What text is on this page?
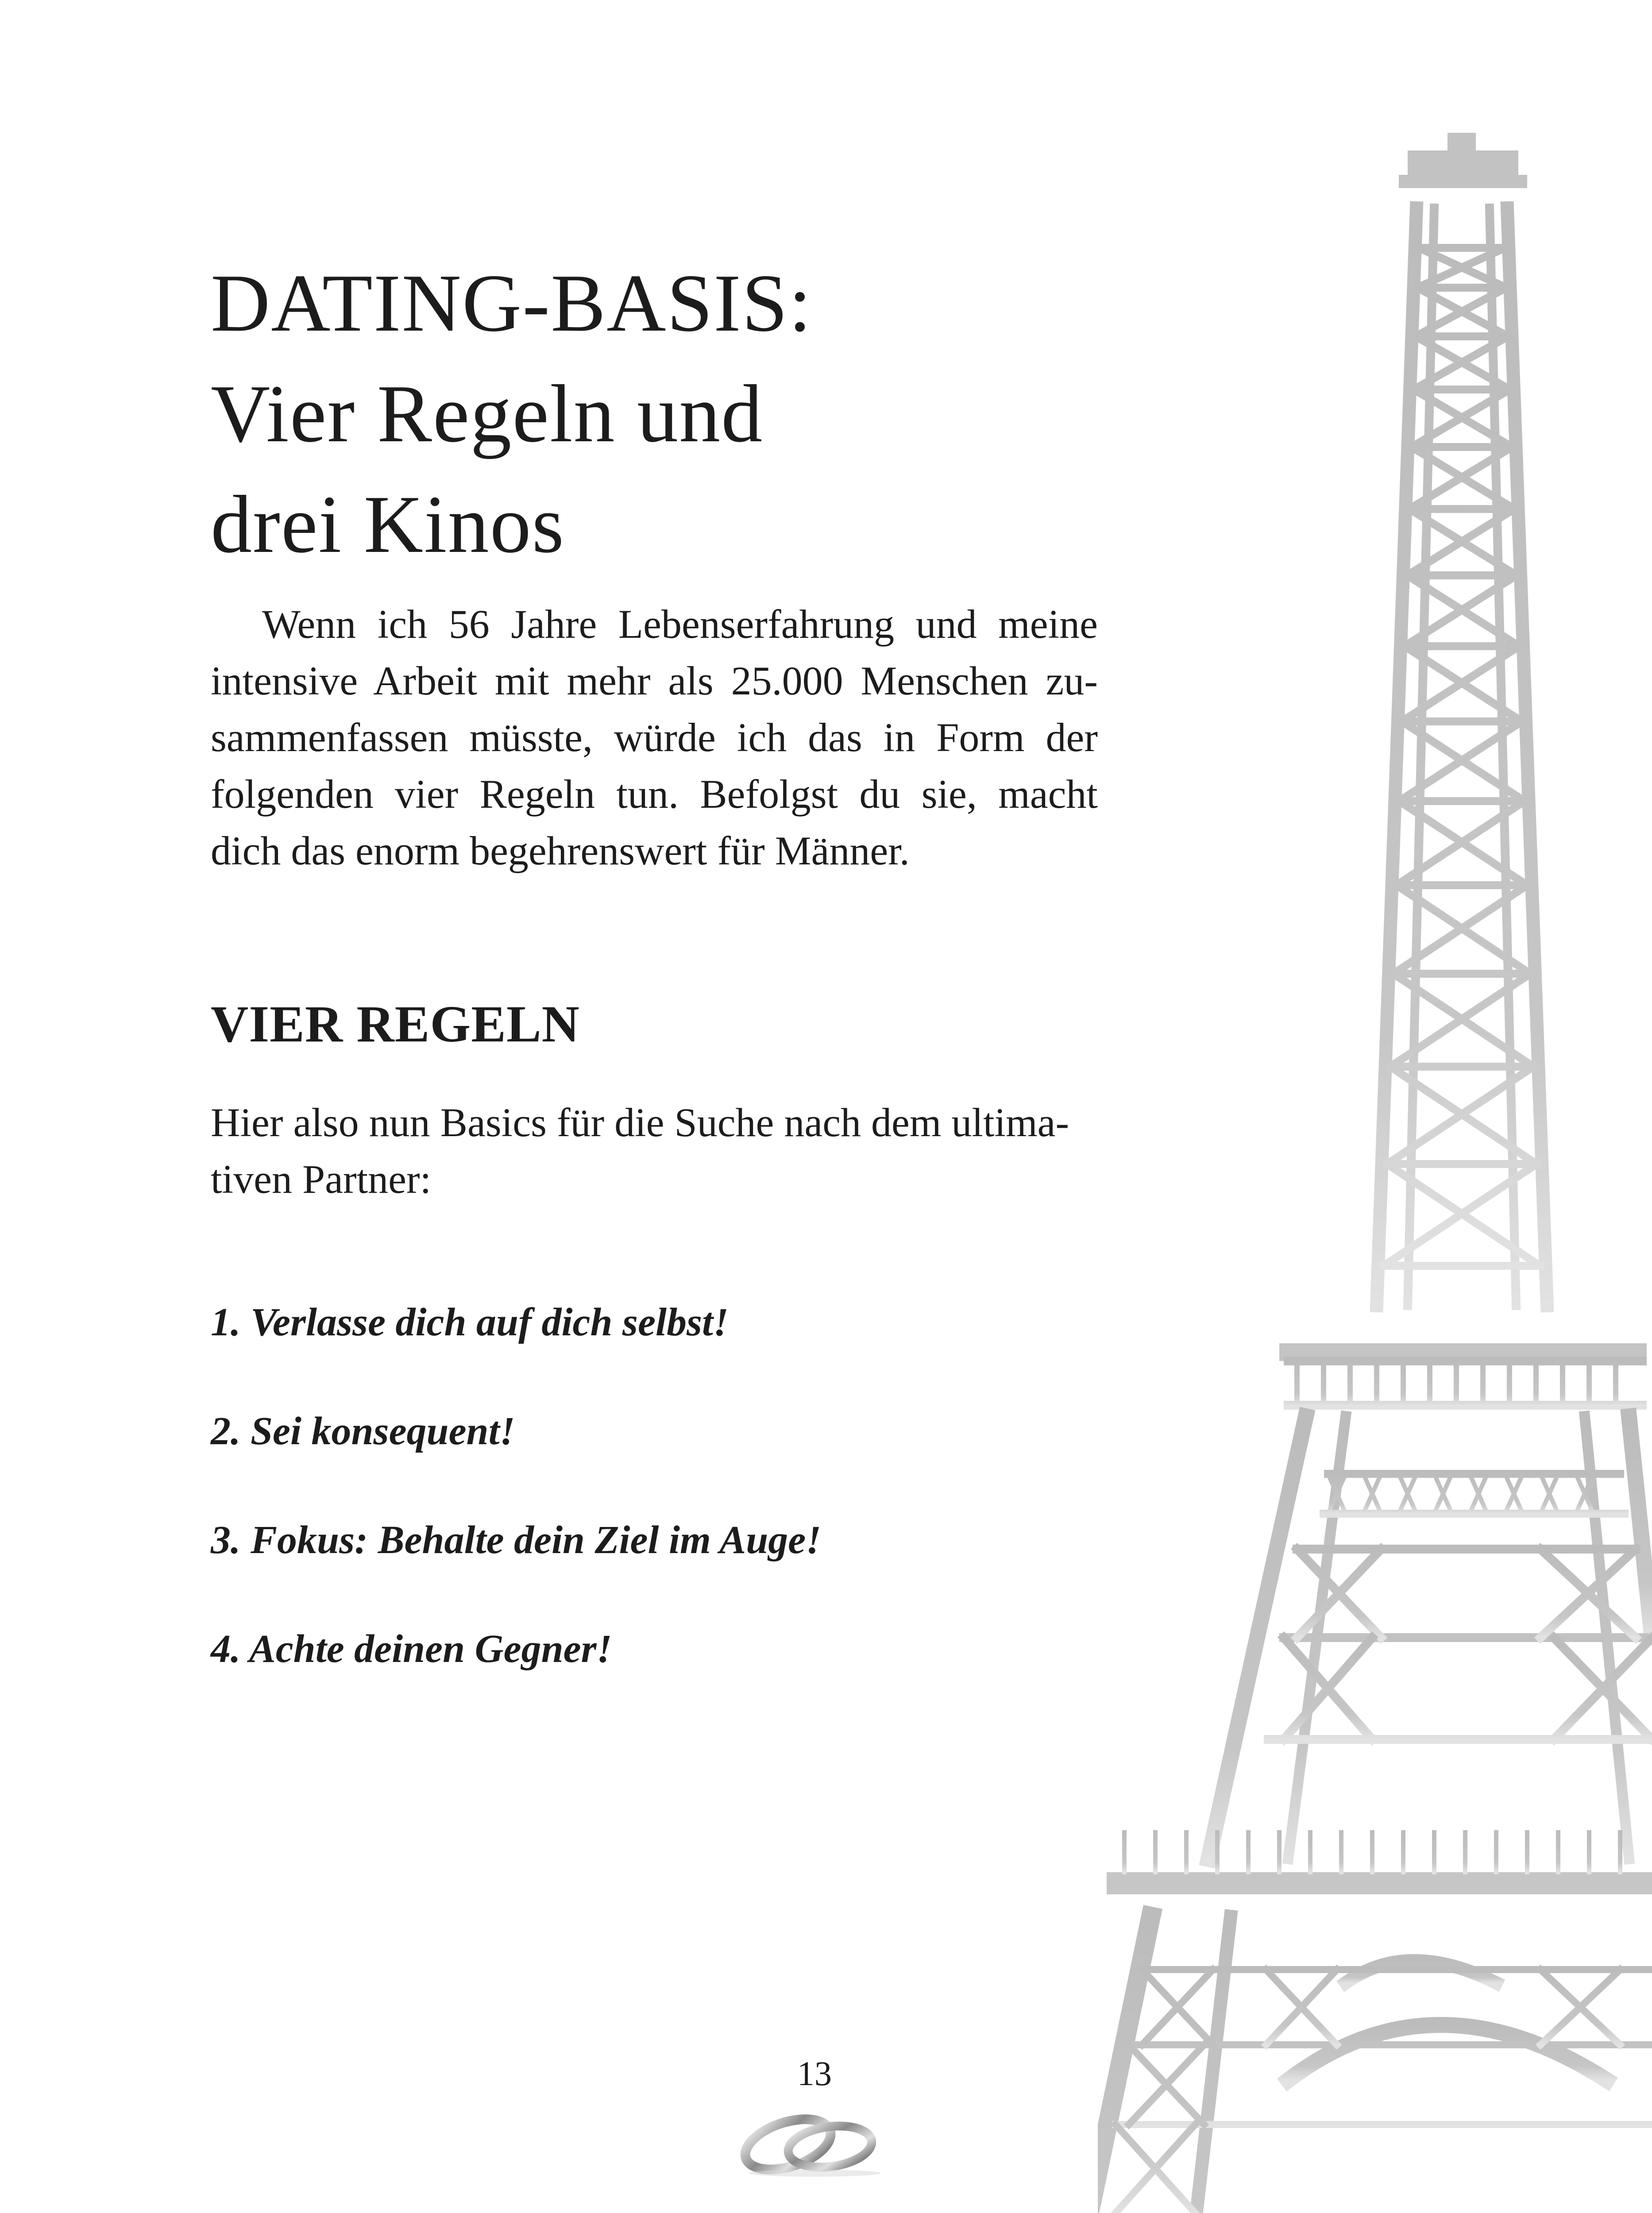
DATING-BASIS:
Vier Regeln und
drei Kinos

Wenn ich 56 Jahre Lebenserfahrung und meine intensive Arbeit mit mehr als 25.000 Menschen zusammenfassen müsste, würde ich das in Form der folgenden vier Regeln tun. Befolgst du sie, macht dich das enorm begehrenswert für Männer.

VIER REGELN

Hier also nun Basics für die Suche nach dem ultimativen Partner:

1. Verlasse dich auf dich selbst!
2. Sei konsequent!
3. Fokus: Behalte dein Ziel im Auge!
4. Achte deinen Gegner!
13
